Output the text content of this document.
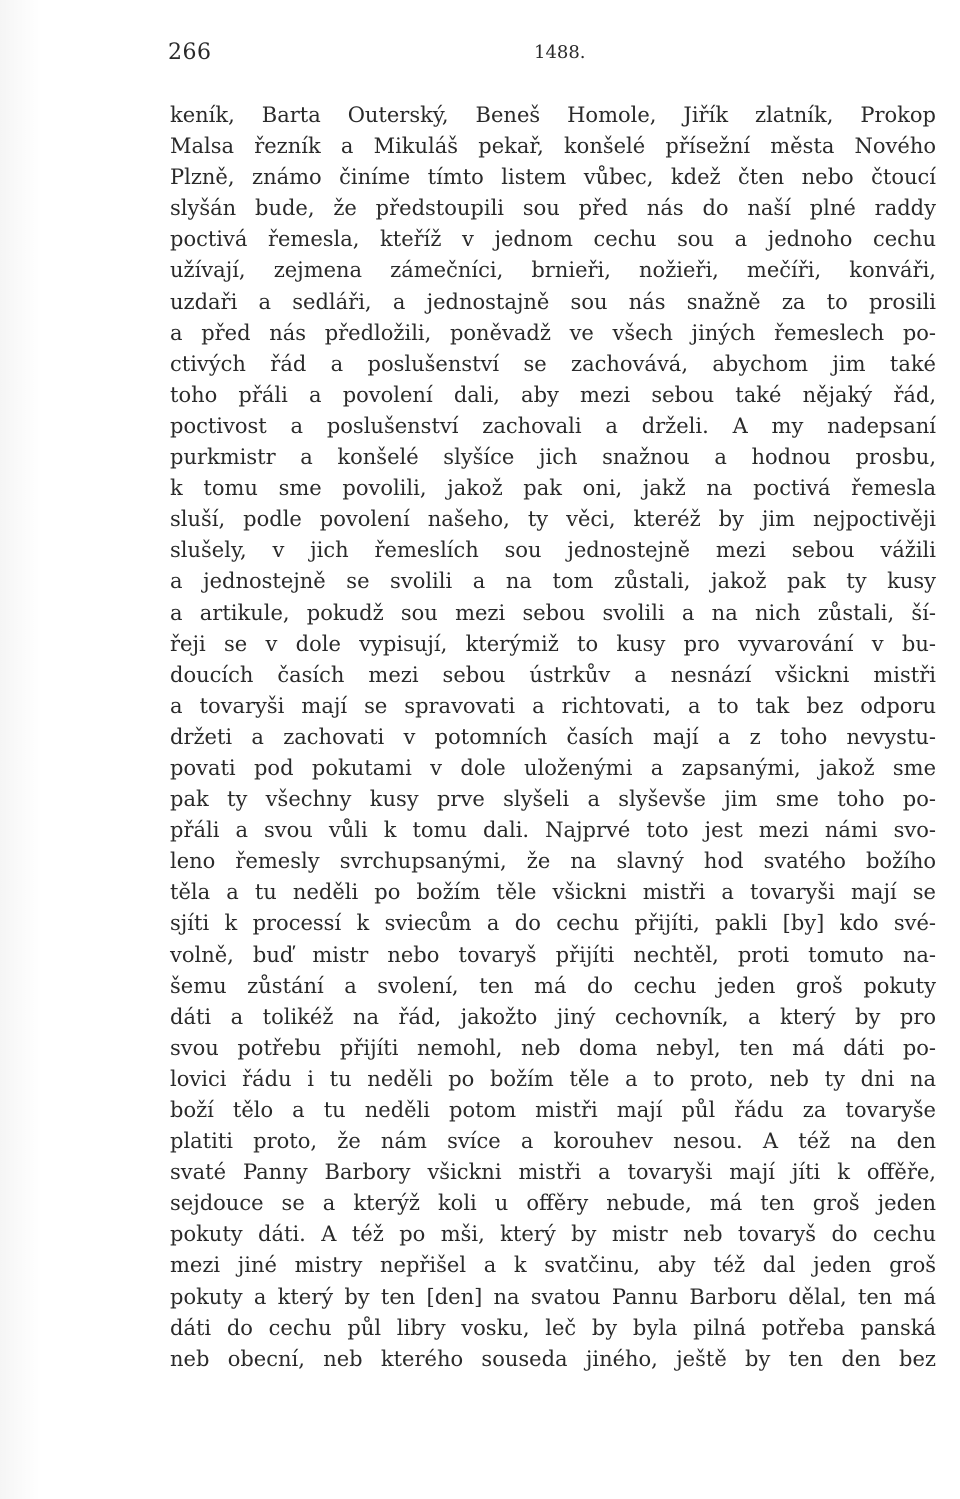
266	1488.
keník, Barta Outerský, Beneš Homole, Jiřík zlatník, Prokop
Malsa řezník a Mikuláš pekař, konšelé přísežní města Nového
Plzně, známo činíme tímto listem vůbec, kdež čten nebo čtoucí
slyšán bude, že předstoupili sou před nás do naší plné raddy
poctivá řemesla, kteříž v jednom cechu sou a jednoho cechu
užívají, zejmena zámečníci, brnieři, nožieři, mečíři, konváři,
uzdaři a sedláři, a jednostajně sou nás snažně za to prosili
a před nás předložili, poněvadž ve všech jiných řemeslech po-
ctivých řád a poslušenství se zachovává, abychom jim také
toho přáli a povolení dali, aby mezi sebou také nějaký řád,
poctivost a poslušenství zachovali a drželi. A my nadepsaní
purkmistr a konšelé slyšíce jich snažnou a hodnou prosbu,
k tomu sme povolili, jakož pak oni, jakž na poctivá řemesla
sluší, podle povolení našeho, ty věci, kteréž by jim nejpoctivěji
slušely, v jich řemeslích sou jednostejně mezi sebou vážili
a jednostejně se svolili a na tom zůstali, jakož pak ty kusy
a artikule, pokudž sou mezi sebou svolili a na nich zůstali, ší-
řeji se v dole vypisují, kterýmiž to kusy pro vyvarování v bu-
doucích časích mezi sebou ústrkův a nesnází všickni mistři
a tovaryši mají se spravovati a richtovati, a to tak bez odporu
držeti a zachovati v potomních časích mají a z toho nevystu-
povati pod pokutami v dole uloženými a zapsanými, jakož sme
pak ty všechny kusy prve slyšeli a slyševše jim sme toho po-
přáli a svou vůli k tomu dali. Najprvé toto jest mezi námi svo-
leno řemesly svrchupsanými, že na slavný hod svatého božího
těla a tu neděli po božím těle všickni mistři a tovaryši mají se
sjíti k processí k sviecům a do cechu přijíti, pakli [by] kdo své-
volně, buď mistr nebo tovaryš přijíti nechtěl, proti tomuto na-
šemu zůstání a svolení, ten má do cechu jeden groš pokuty
dáti a tolikéž na řád, jakožto jiný cechovník, a který by pro
svou potřebu přijíti nemohl, neb doma nebyl, ten má dáti po-
lovici řádu i tu neděli po božím těle a to proto, neb ty dni na
boží tělo a tu neděli potom mistři mají půl řádu za tovaryše
platiti proto, že nám svíce a korouhev nesou. A též na den
svaté Panny Barbory všickni mistři a tovaryši mají jíti k offěře,
sejdouce se a kterýž koli u offěry nebude, má ten groš jeden
pokuty dáti. A též po mši, který by mistr neb tovaryš do cechu
mezi jiné mistry nepřišel a k svatčinu, aby též dal jeden groš
pokuty a který by ten [den] na svatou Pannu Barboru dělal, ten má
dáti do cechu půl libry vosku, leč by byla pilná potřeba panská
neb obecní, neb kterého souseda jiného, ještě by ten den bez
